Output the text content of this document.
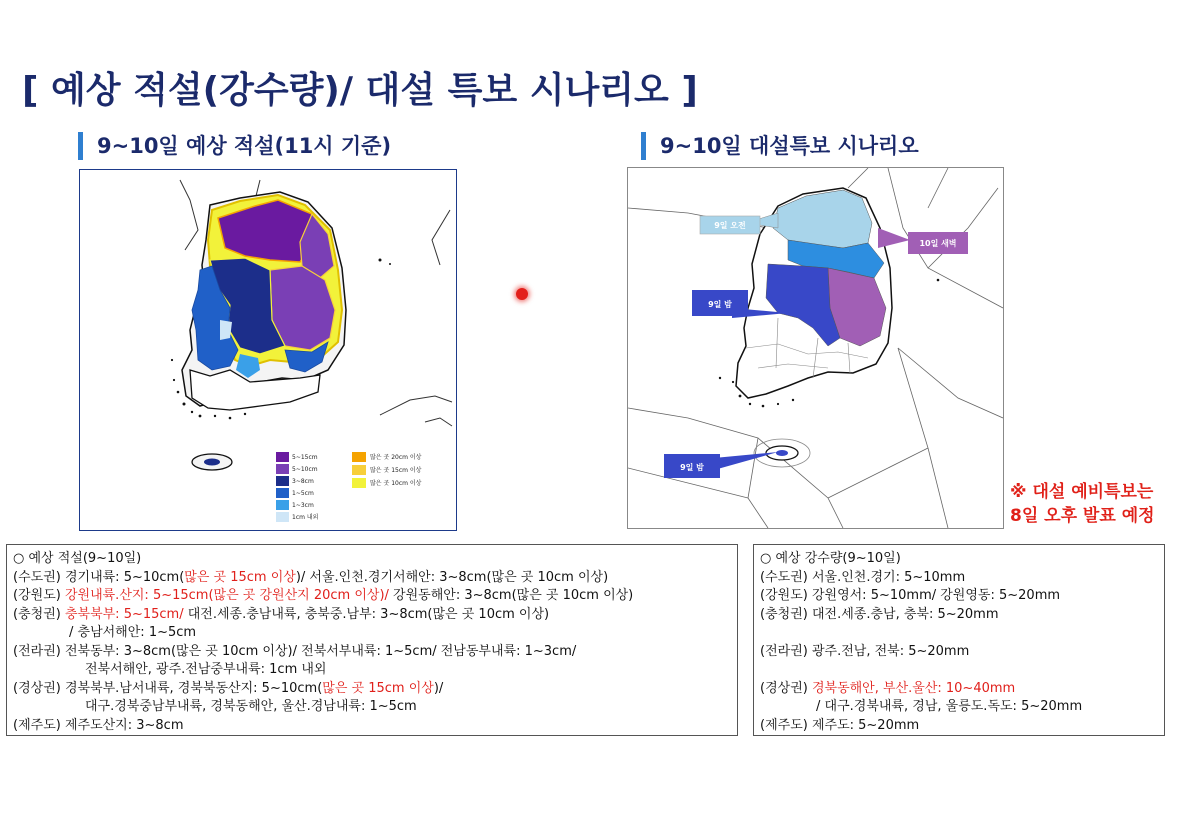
[ 예상 적설(강수량)/ 대설 특보 시나리오 ]
9~10일 예상 적설(11시 기준)	9~10일 대설특보 시나리오
5~15cm
5~10cm
3~8cm
1~5cm
1~3cm
1cm 내외
많은 곳 20cm 이상
많은 곳 15cm 이상
많은 곳 10cm 이상
9일 오전
10일 새벽
9일 밤
9일 밤
※ 대설 예비특보는
8일 오후 발표 예정
○ 예상 적설(9~10일)
(수도권) 경기내륙: 5~10cm(많은 곳 15cm 이상)/ 서울.인천.경기서해안: 3~8cm(많은 곳 10cm 이상)
(강원도) 강원내륙.산지: 5~15cm(많은 곳 강원산지 20cm 이상)/ 강원동해안: 3~8cm(많은 곳 10cm 이상)
(충청권) 충북북부: 5~15cm/ 대전.세종.충남내륙, 충북중.남부: 3~8cm(많은 곳 10cm 이상)
/ 충남서해안: 1~5cm
(전라권) 전북동부: 3~8cm(많은 곳 10cm 이상)/ 전북서부내륙: 1~5cm/ 전남동부내륙: 1~3cm/
전북서해안, 광주.전남중부내륙: 1cm 내외
(경상권) 경북북부.남서내륙, 경북북동산지: 5~10cm(많은 곳 15cm 이상)/
대구.경북중남부내륙, 경북동해안, 울산.경남내륙: 1~5cm
(제주도) 제주도산지: 3~8cm
○ 예상 강수량(9~10일)
(수도권) 서울.인천.경기: 5~10mm
(강원도) 강원영서: 5~10mm/ 강원영동: 5~20mm
(충청권) 대전.세종.충남, 충북: 5~20mm
(전라권) 광주.전남, 전북: 5~20mm
(경상권) 경북동해안, 부산.울산: 10~40mm
/ 대구.경북내륙, 경남, 울릉도.독도: 5~20mm
(제주도) 제주도: 5~20mm
